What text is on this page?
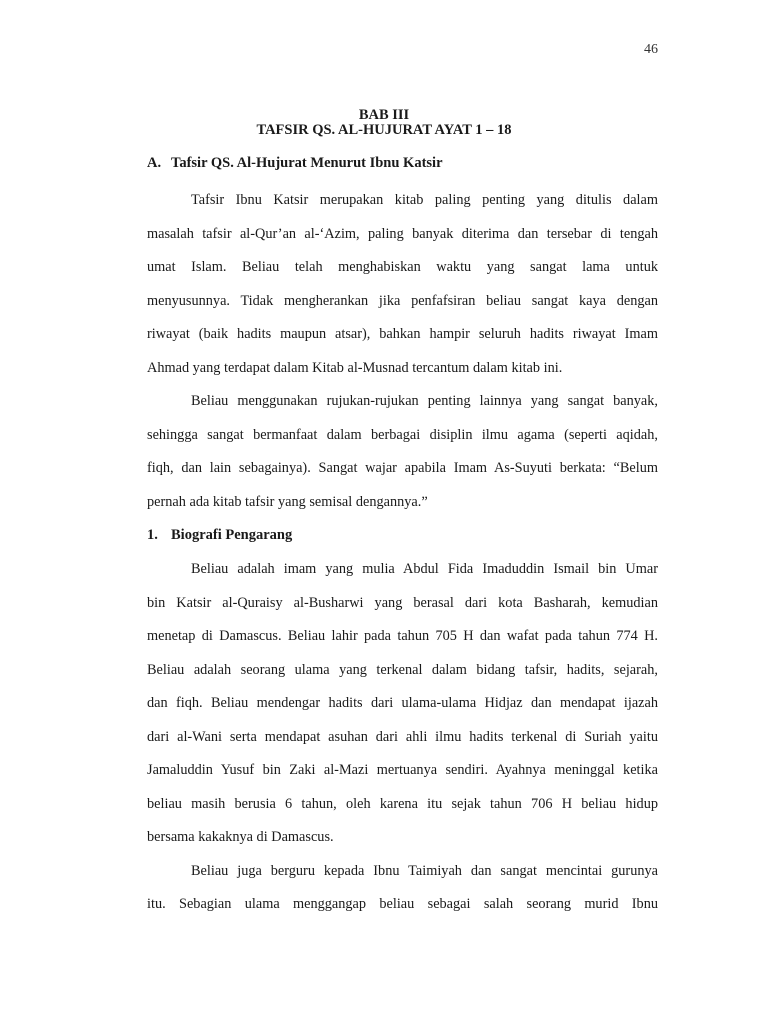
46
BAB III
TAFSIR QS. AL-HUJURAT AYAT 1 – 18
A. Tafsir QS. Al-Hujurat Menurut Ibnu Katsir
Tafsir Ibnu Katsir merupakan kitab paling penting yang ditulis dalam
masalah tafsir al-Qur’an al-‘Azim, paling banyak diterima dan tersebar di tengah
umat Islam. Beliau telah menghabiskan waktu yang sangat lama untuk
menyusunnya. Tidak mengherankan jika penfafsiran beliau sangat kaya dengan
riwayat (baik hadits maupun atsar), bahkan hampir seluruh hadits riwayat Imam
Ahmad yang terdapat dalam Kitab al-Musnad tercantum dalam kitab ini.
Beliau menggunakan rujukan-rujukan penting lainnya yang sangat banyak,
sehingga sangat bermanfaat dalam berbagai disiplin ilmu agama (seperti aqidah,
fiqh, dan lain sebagainya). Sangat wajar apabila Imam As-Suyuti berkata: “Belum
pernah ada kitab tafsir yang semisal dengannya.”
1. Biografi Pengarang
Beliau adalah imam yang mulia Abdul Fida Imaduddin Ismail bin Umar
bin Katsir al-Quraisy al-Busharwi yang berasal dari kota Basharah, kemudian
menetap di Damascus. Beliau lahir pada tahun 705 H dan wafat pada tahun 774 H.
Beliau adalah seorang ulama yang terkenal dalam bidang tafsir, hadits, sejarah,
dan fiqh. Beliau mendengar hadits dari ulama-ulama Hidjaz dan mendapat ijazah
dari al-Wani serta mendapat asuhan dari ahli ilmu hadits terkenal di Suriah yaitu
Jamaluddin Yusuf bin Zaki al-Mazi mertuanya sendiri. Ayahnya meninggal ketika
beliau masih berusia 6 tahun, oleh karena itu sejak tahun 706 H beliau hidup
bersama kakaknya di Damascus.
Beliau juga berguru kepada Ibnu Taimiyah dan sangat mencintai gurunya
itu. Sebagian ulama menggangap beliau sebagai salah seorang murid Ibnu
